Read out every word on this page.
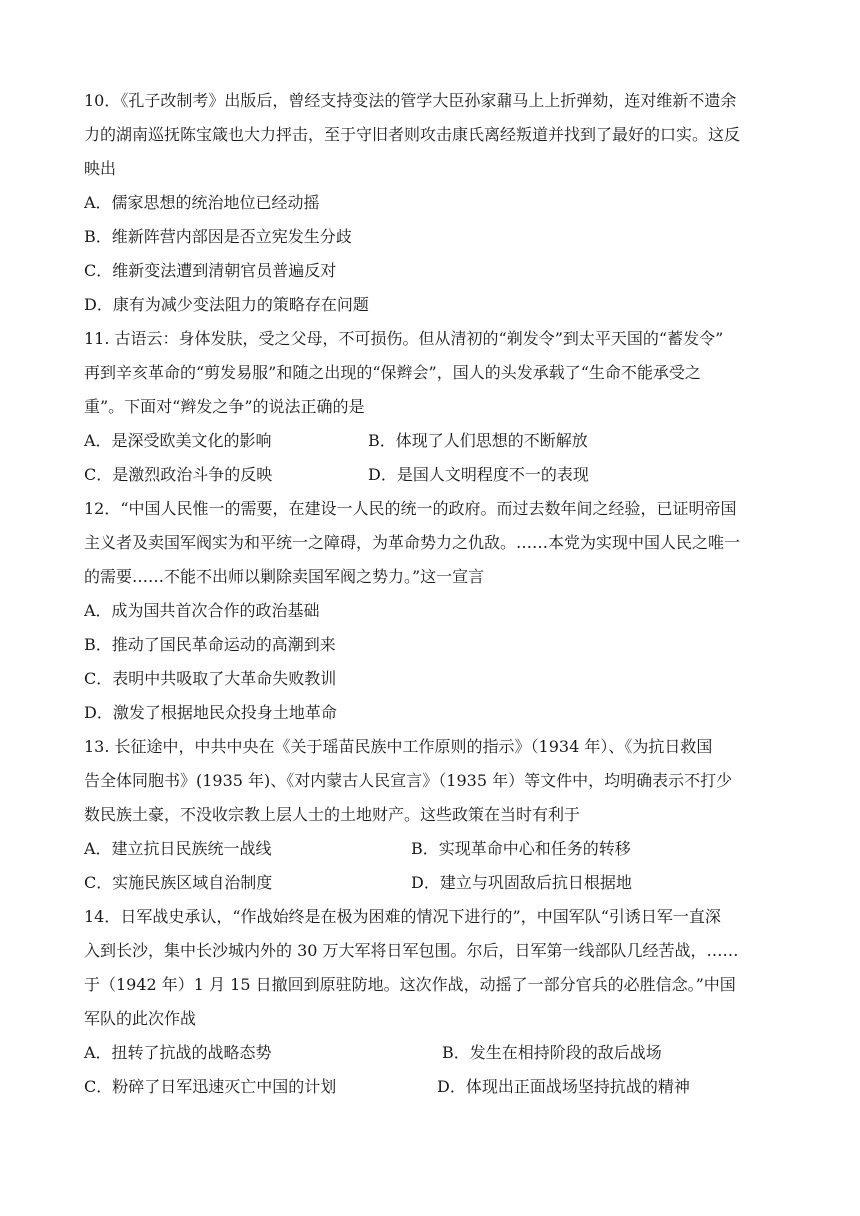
10．《孔子改制考》出版后，曾经支持变法的管学大臣孙家鼐马上上折弹劾，连对维新不遗余
力的湖南巡抚陈宝箴也大力抨击，至于守旧者则攻击康氏离经叛道并找到了最好的口实。这反
映出
A．儒家思想的统治地位已经动摇
B．维新阵营内部因是否立宪发生分歧
C．维新变法遭到清朝官员普遍反对
D．康有为减少变法阻力的策略存在问题
11. 古语云：身体发肤，受之父母，不可损伤。但从清初的“剃发令”到太平天国的“蓄发令”
再到辛亥革命的“剪发易服”和随之出现的“保辫会”，国人的头发承载了“生命不能承受之
重”。下面对“辫发之争”的说法正确的是
A．是深受欧美文化的影响	B．体现了人们思想的不断解放
C．是激烈政治斗争的反映	D．是国人文明程度不一的表现
12．“中国人民惟一的需要，在建设一人民的统一的政府。而过去数年间之经验，已证明帝国
主义者及卖国军阀实为和平统一之障碍，为革命势力之仇敌。……本党为实现中国人民之唯一
的需要……不能不出师以剿除卖国军阀之势力。”这一宣言
A．成为国共首次合作的政治基础
B．推动了国民革命运动的高潮到来
C．表明中共吸取了大革命失败教训
D．激发了根据地民众投身土地革命
13. 长征途中，中共中央在《关于瑶苗民族中工作原则的指示》（1934 年）、《为抗日救国
告全体同胞书》(1935 年)、《对内蒙古人民宣言》（1935 年）等文件中，均明确表示不打少
数民族土豪，不没收宗教上层人士的土地财产。这些政策在当时有利于
A．建立抗日民族统一战线	B．实现革命中心和任务的转移
C．实施民族区域自治制度	D．建立与巩固敌后抗日根据地
14．日军战史承认，“作战始终是在极为困难的情况下进行的”，中国军队“引诱日军一直深
入到长沙，集中长沙城内外的 30 万大军将日军包围。尔后，日军第一线部队几经苦战，……
于（1942 年）1 月 15 日撤回到原驻防地。这次作战，动摇了一部分官兵的必胜信念。”中国
军队的此次作战
A．扭转了抗战的战略态势	B．发生在相持阶段的敌后战场
C．粉碎了日军迅速灭亡中国的计划	D．体现出正面战场坚持抗战的精神
